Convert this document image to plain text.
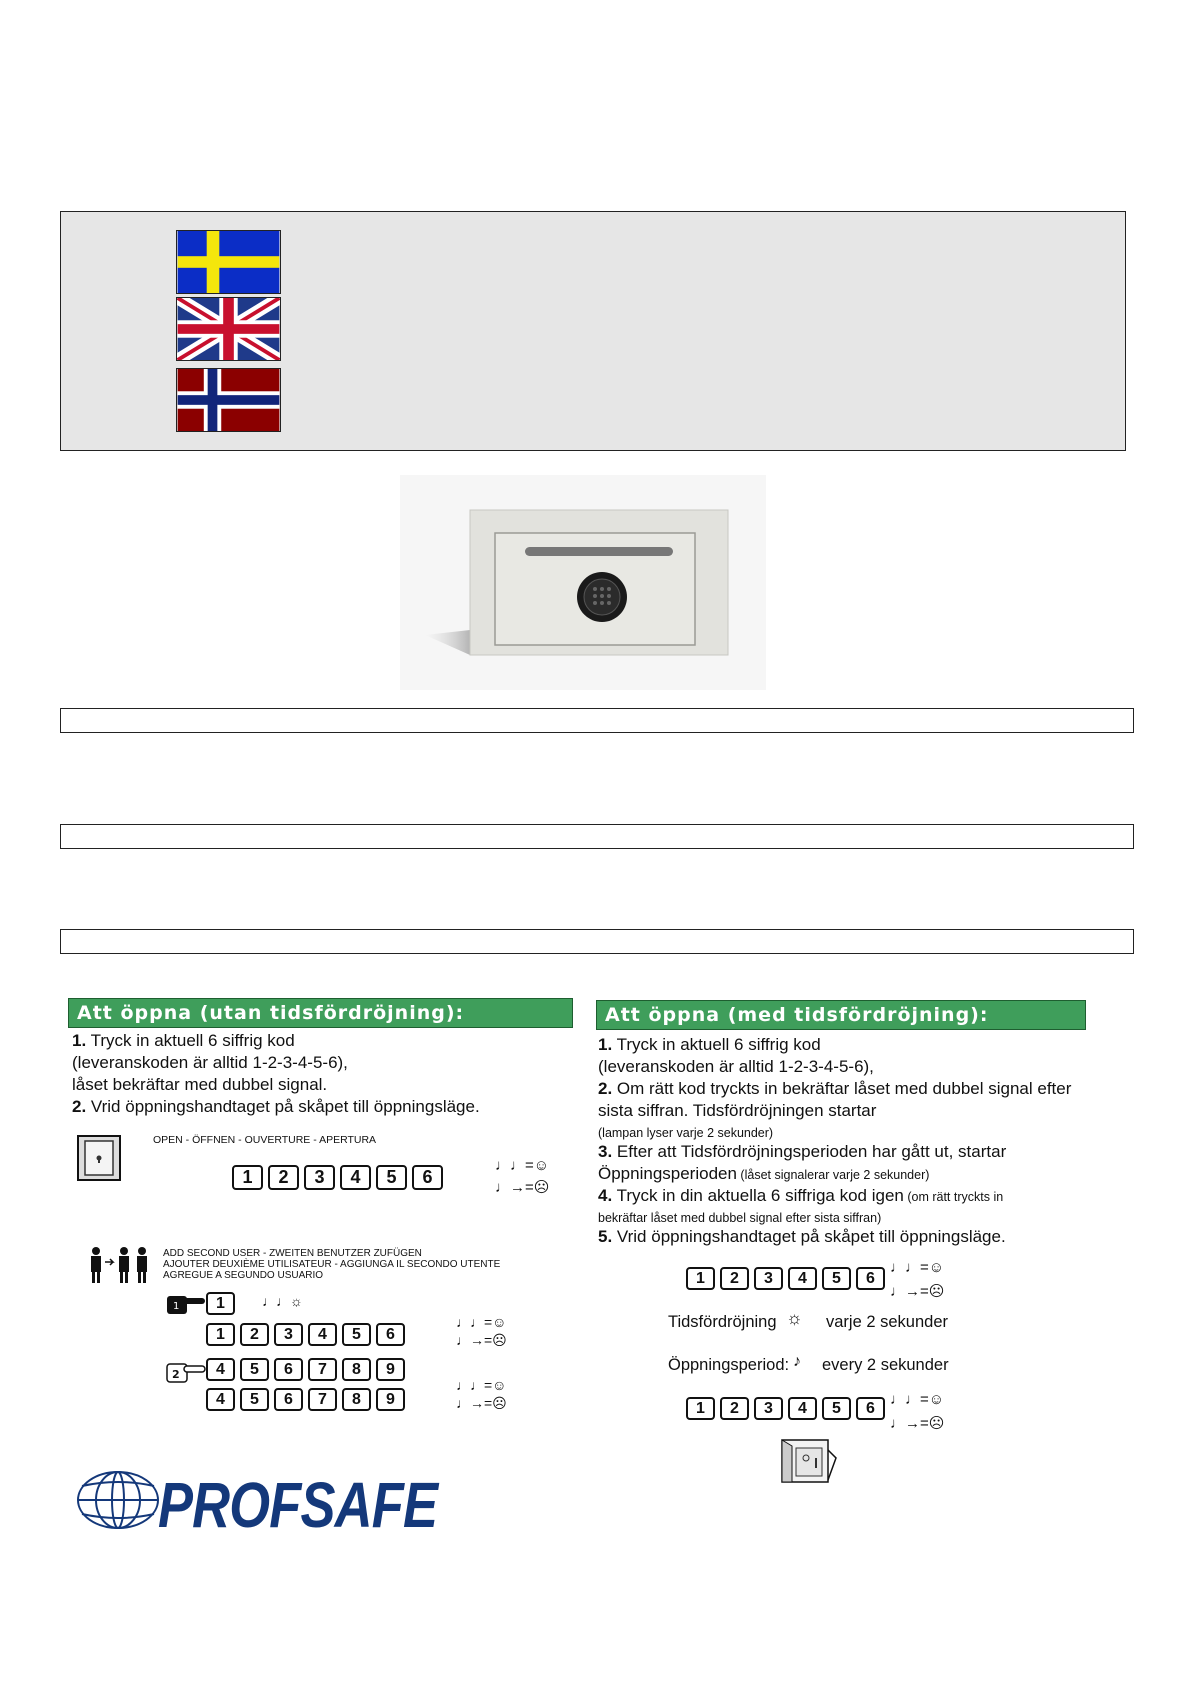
Att öppna (utan tidsfördröjning):
1. Tryck in aktuell 6 siffrig kod
(leveranskoden är alltid 1-2-3-4-5-6),
låset bekräftar med dubbel signal.
2. Vrid öppningshandtaget på skåpet till öppningsläge.
OPEN - ÖFFNEN - OUVERTURE - APERTURA
1	2	3	4	5	6
♩♩=☺
♩→=☹
ADD SECOND USER - ZWEITEN BENUTZER ZUFÜGEN
AJOUTER DEUXIÈME UTILISATEUR - AGGIUNGA IL SECONDO UTENTE
AGREGUE A SEGUNDO USUARIO
1	1	♩♩☼
1	2	3	4	5	6
♩♩=☺
♩→=☹
2	4	5	6	7	8	9
4	5	6	7	8	9
♩♩=☺
♩→=☹
PROFSAFE
Att öppna (med tidsfördröjning):
1. Tryck in aktuell 6 siffrig kod
(leveranskoden är alltid 1-2-3-4-5-6),
2. Om rätt kod tryckts in bekräftar låset med dubbel signal efter
sista siffran. Tidsfördröjningen startar
(lampan lyser varje 2 sekunder)
3. Efter att Tidsfördröjningsperioden har gått ut, startar
Öppningsperioden (låset signalerar varje 2 sekunder)
4. Tryck in din aktuella 6 siffriga kod igen (om rätt tryckts in
bekräftar låset med dubbel signal efter sista siffran)
5. Vrid öppningshandtaget på skåpet till öppningsläge.
1	2	3	4	5	6
♩♩=☺
♩→=☹
Tidsfördröjning ☼ varje 2 sekunder
Öppningsperiod: ♪ every 2 sekunder
1	2	3	4	5	6	♩♩=☺
♩→=☹
